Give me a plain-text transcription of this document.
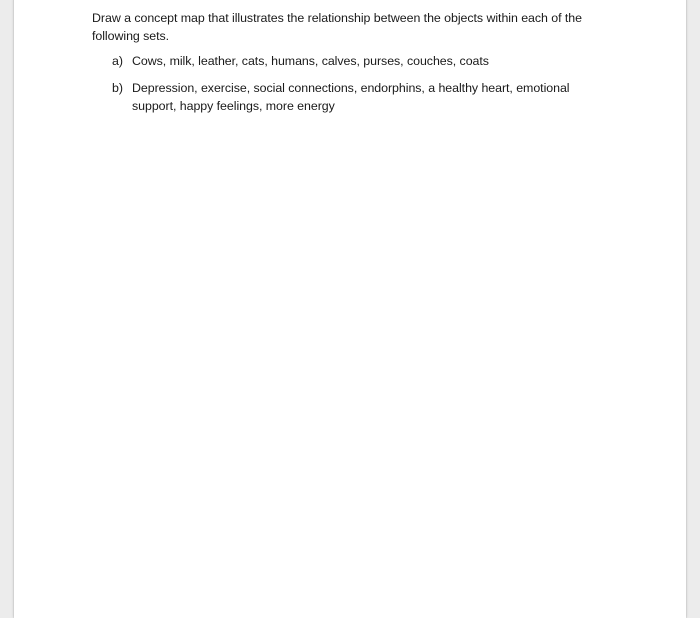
Draw a concept map that illustrates the relationship between the objects within each of the following sets.

a) Cows, milk, leather, cats, humans, calves, purses, couches, coats
b) Depression, exercise, social connections, endorphins, a healthy heart, emotional support, happy feelings, more energy
